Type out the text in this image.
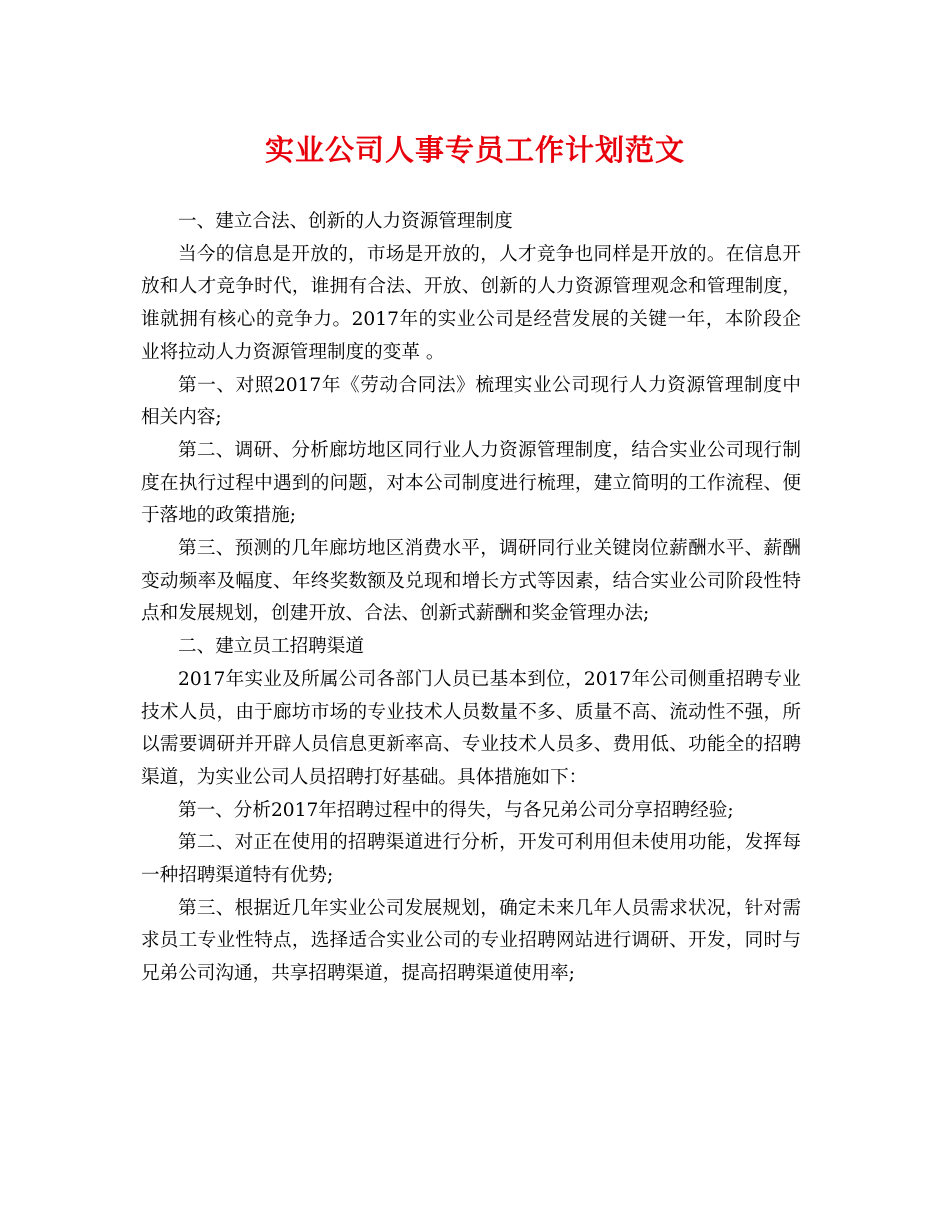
实业公司人事专员工作计划范文

一、建立合法、创新的人力资源管理制度

当今的信息是开放的，市场是开放的，人才竞争也同样是开放的。在信息开放和人才竞争时代，谁拥有合法、开放、创新的人力资源管理观念和管理制度，谁就拥有核心的竞争力。2017年的实业公司是经营发展的关键一年，本阶段企业将拉动人力资源管理制度的变革 。

第一、对照2017年《劳动合同法》梳理实业公司现行人力资源管理制度中相关内容;

第二、调研、分析廊坊地区同行业人力资源管理制度，结合实业公司现行制度在执行过程中遇到的问题，对本公司制度进行梳理，建立简明的工作流程、便于落地的政策措施;

第三、预测的几年廊坊地区消费水平，调研同行业关键岗位薪酬水平、薪酬变动频率及幅度、年终奖数额及兑现和增长方式等因素，结合实业公司阶段性特点和发展规划，创建开放、合法、创新式薪酬和奖金管理办法;

二、建立员工招聘渠道

2017年实业及所属公司各部门人员已基本到位，2017年公司侧重招聘专业技术人员，由于廊坊市场的专业技术人员数量不多、质量不高、流动性不强，所以需要调研并开辟人员信息更新率高、专业技术人员多、费用低、功能全的招聘渠道，为实业公司人员招聘打好基础。具体措施如下：

第一、分析2017年招聘过程中的得失，与各兄弟公司分享招聘经验;

第二、对正在使用的招聘渠道进行分析，开发可利用但未使用功能，发挥每一种招聘渠道特有优势;

第三、根据近几年实业公司发展规划，确定未来几年人员需求状况，针对需求员工专业性特点，选择适合实业公司的专业招聘网站进行调研、开发，同时与兄弟公司沟通，共享招聘渠道，提高招聘渠道使用率;
